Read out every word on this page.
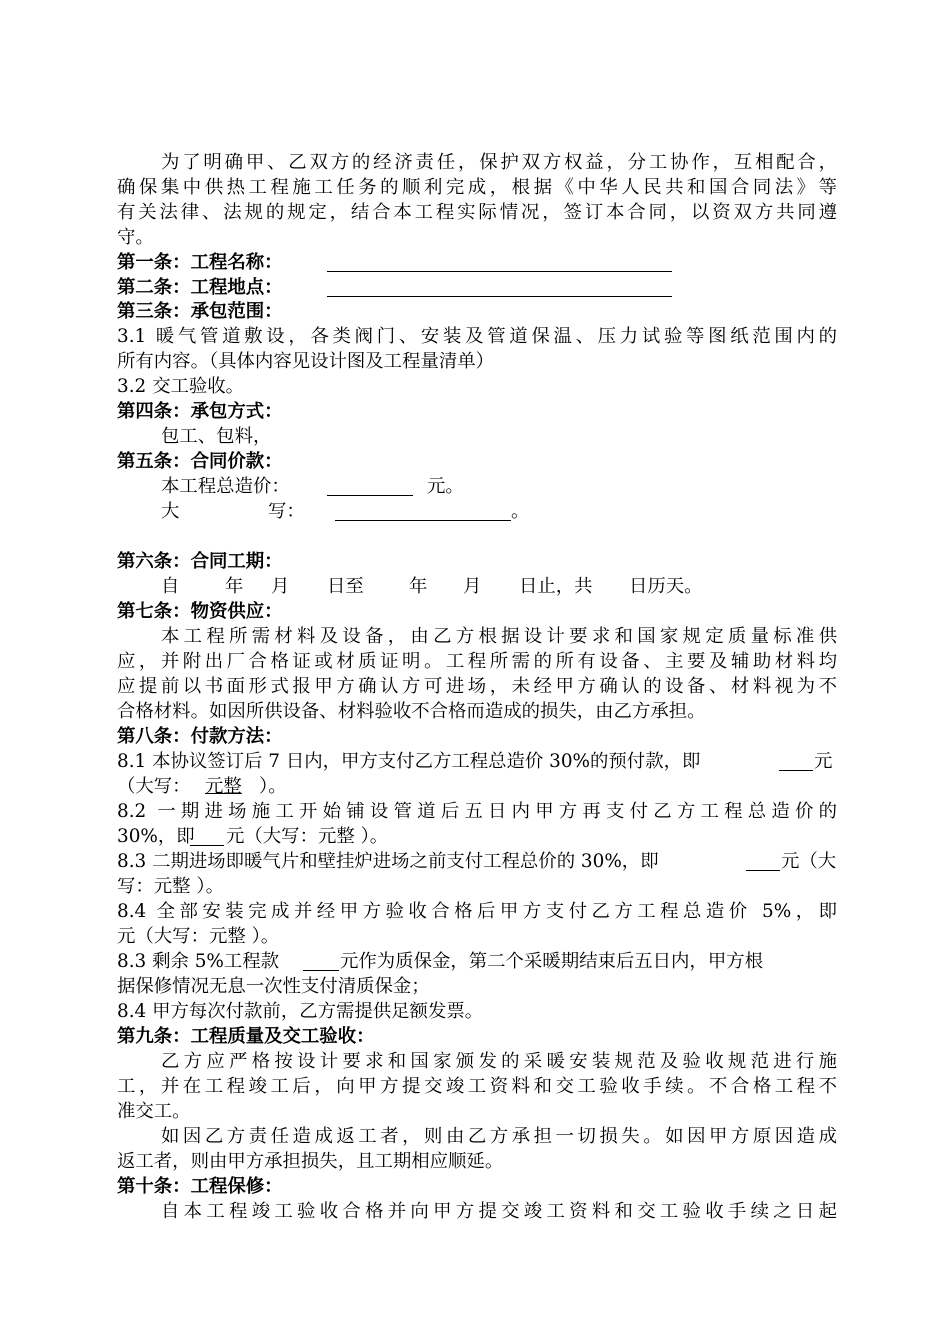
为了明确甲、乙双方的经济责任，保护双方权益，分工协作，互相配合，
确保集中供热工程施工任务的顺利完成，根据《中华人民共和国合同法》等
有关法律、法规的规定，结合本工程实际情况，签订本合同，以资双方共同遵
守。
第一条：工程名称：
第二条：工程地点：
第三条：承包范围：
3.1 暖气管道敷设，各类阀门、安装及管道保温、压力试验等图纸范围内的
所有内容。（具体内容见设计图及工程量清单）
3.2 交工验收。
第四条：承包方式：
包工、包料，
第五条：合同价款：
本工程总造价：	元。
大	写：	。
第六条：合同工期：
自 年 月 日至 年 月 日止，共 日历天。
第七条：物资供应：
本工程所需材料及设备，由乙方根据设计要求和国家规定质量标准供
应，并附出厂合格证或材质证明。工程所需的所有设备、主要及辅助材料均
应提前以书面形式报甲方确认方可进场，未经甲方确认的设备、材料视为不
合格材料。如因所供设备、材料验收不合格而造成的损失，由乙方承担。
第八条：付款方法：
8.1 本协议签订后 7 日内，甲方支付乙方工程总造价 30%的预付款，即	元
（大写： 元整 ）。
8.2 一期进场施工开始铺设管道后五日内甲方再支付乙方工程总造价的
30%，即 元（大写：元整 ）。
8.3 二期进场即暖气片和壁挂炉进场之前支付工程总价的 30%，即	元（大
写：元整 ）。
8.4 全部安装完成并经甲方验收合格后甲方支付乙方工程总造价 5%，即
元（大写：元整 ）。
8.3 剩余 5%工程款	元作为质保金，第二个采暖期结束后五日内，甲方根
据保修情况无息一次性支付清质保金；
8.4 甲方每次付款前，乙方需提供足额发票。
第九条：工程质量及交工验收：
乙方应严格按设计要求和国家颁发的采暖安装规范及验收规范进行施
工，并在工程竣工后，向甲方提交竣工资料和交工验收手续。不合格工程不
准交工。
如因乙方责任造成返工者，则由乙方承担一切损失。如因甲方原因造成
返工者，则由甲方承担损失，且工期相应顺延。
第十条：工程保修：
自本工程竣工验收合格并向甲方提交竣工资料和交工验收手续之日起
